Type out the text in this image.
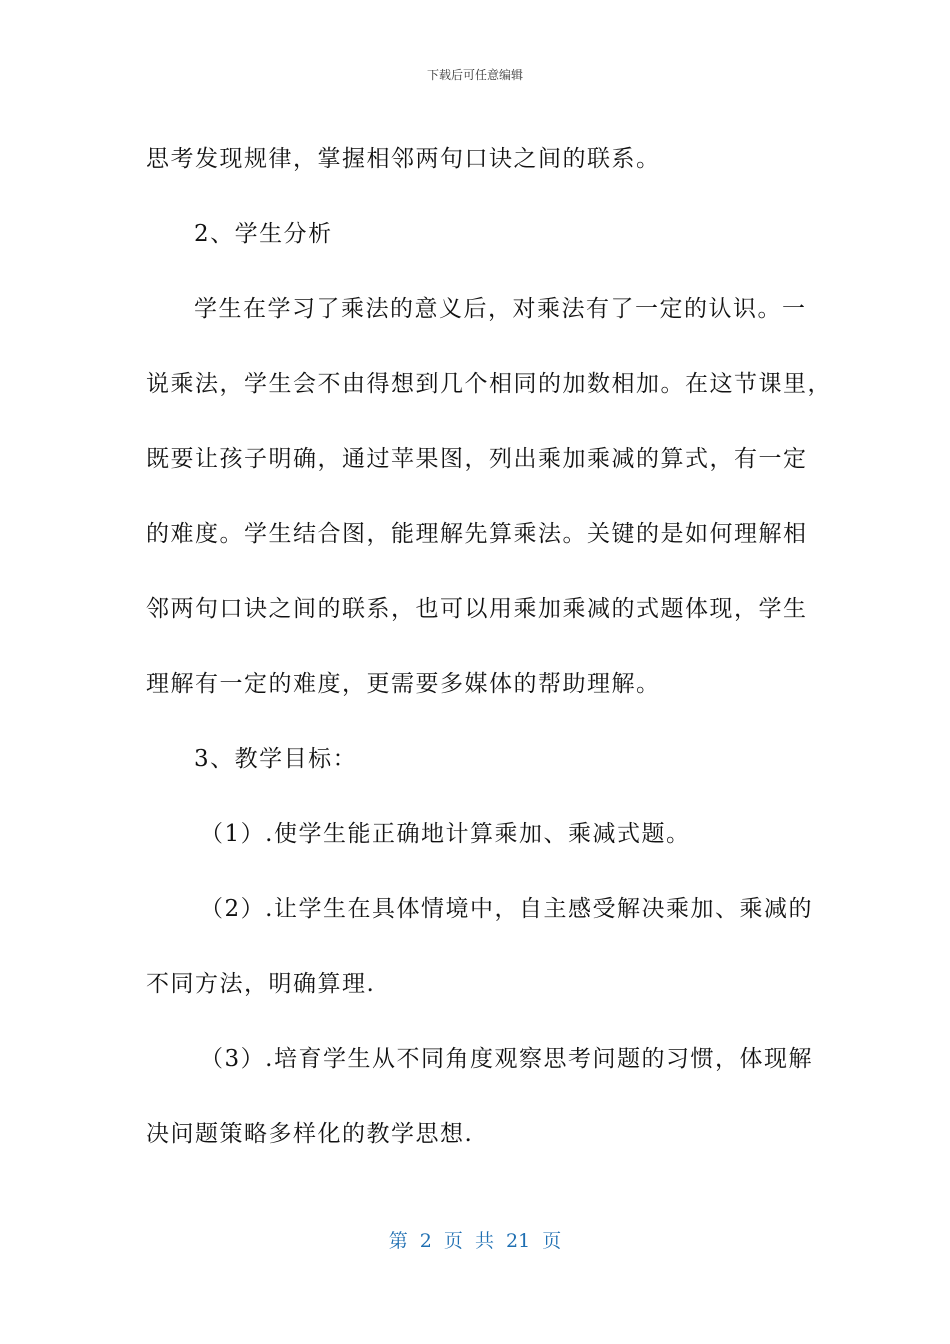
下载后可任意编辑
思考发现规律，掌握相邻两句口诀之间的联系。
2、学生分析
学生在学习了乘法的意义后，对乘法有了一定的认识。一
说乘法，学生会不由得想到几个相同的加数相加。在这节课里，
既要让孩子明确，通过苹果图，列出乘加乘减的算式，有一定
的难度。学生结合图，能理解先算乘法。关键的是如何理解相
邻两句口诀之间的联系，也可以用乘加乘减的式题体现，学生
理解有一定的难度，更需要多媒体的帮助理解。
3、教学目标：
（1）.使学生能正确地计算乘加、乘减式题。
（2）.让学生在具体情境中，自主感受解决乘加、乘减的
不同方法，明确算理.
（3）.培育学生从不同角度观察思考问题的习惯，体现解
决问题策略多样化的教学思想.
第 2 页 共 21 页
